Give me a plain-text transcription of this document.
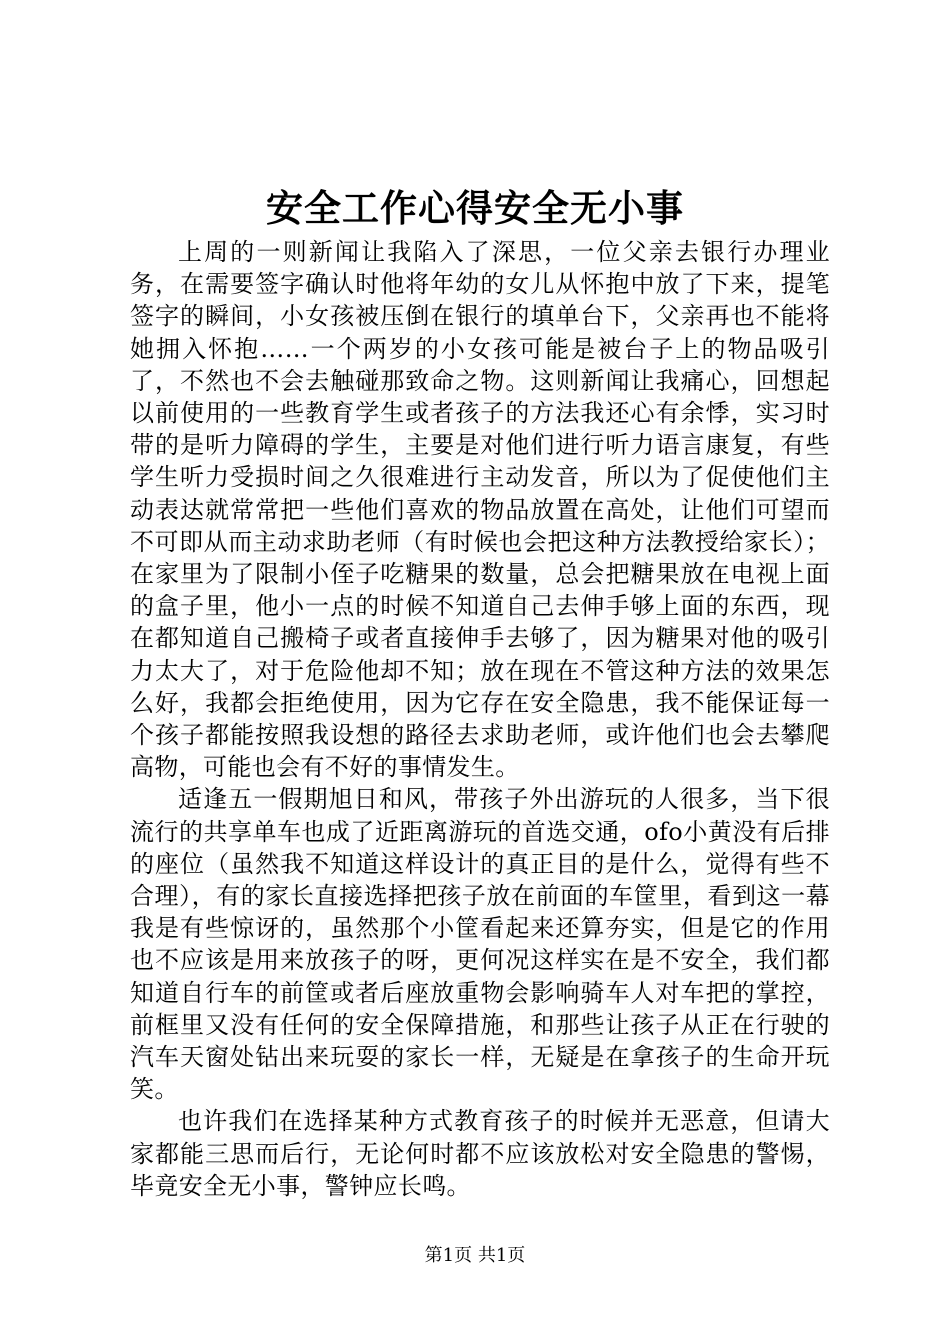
安全工作心得安全无小事

上周的一则新闻让我陷入了深思，一位父亲去银行办理业务，在需要签字确认时他将年幼的女儿从怀抱中放了下来，提笔签字的瞬间，小女孩被压倒在银行的填单台下，父亲再也不能将她拥入怀抱……一个两岁的小女孩可能是被台子上的物品吸引了，不然也不会去触碰那致命之物。这则新闻让我痛心，回想起以前使用的一些教育学生或者孩子的方法我还心有余悸，实习时带的是听力障碍的学生，主要是对他们进行听力语言康复，有些学生听力受损时间之久很难进行主动发音，所以为了促使他们主动表达就常常把一些他们喜欢的物品放置在高处，让他们可望而不可即从而主动求助老师（有时候也会把这种方法教授给家长）；在家里为了限制小侄子吃糖果的数量，总会把糖果放在电视上面的盒子里，他小一点的时候不知道自己去伸手够上面的东西，现在都知道自己搬椅子或者直接伸手去够了，因为糖果对他的吸引力太大了，对于危险他却不知；放在现在不管这种方法的效果怎么好，我都会拒绝使用，因为它存在安全隐患，我不能保证每一个孩子都能按照我设想的路径去求助老师，或许他们也会去攀爬高物，可能也会有不好的事情发生。

适逢五一假期旭日和风，带孩子外出游玩的人很多，当下很流行的共享单车也成了近距离游玩的首选交通，ofo小黄没有后排的座位（虽然我不知道这样设计的真正目的是什么，觉得有些不合理），有的家长直接选择把孩子放在前面的车筐里，看到这一幕我是有些惊讶的，虽然那个小筐看起来还算夯实，但是它的作用也不应该是用来放孩子的呀，更何况这样实在是不安全，我们都知道自行车的前筐或者后座放重物会影响骑车人对车把的掌控，前框里又没有任何的安全保障措施，和那些让孩子从正在行驶的汽车天窗处钻出来玩耍的家长一样，无疑是在拿孩子的生命开玩笑。

也许我们在选择某种方式教育孩子的时候并无恶意，但请大家都能三思而后行，无论何时都不应该放松对安全隐患的警惕，毕竟安全无小事，警钟应长鸣。

第1页 共1页
